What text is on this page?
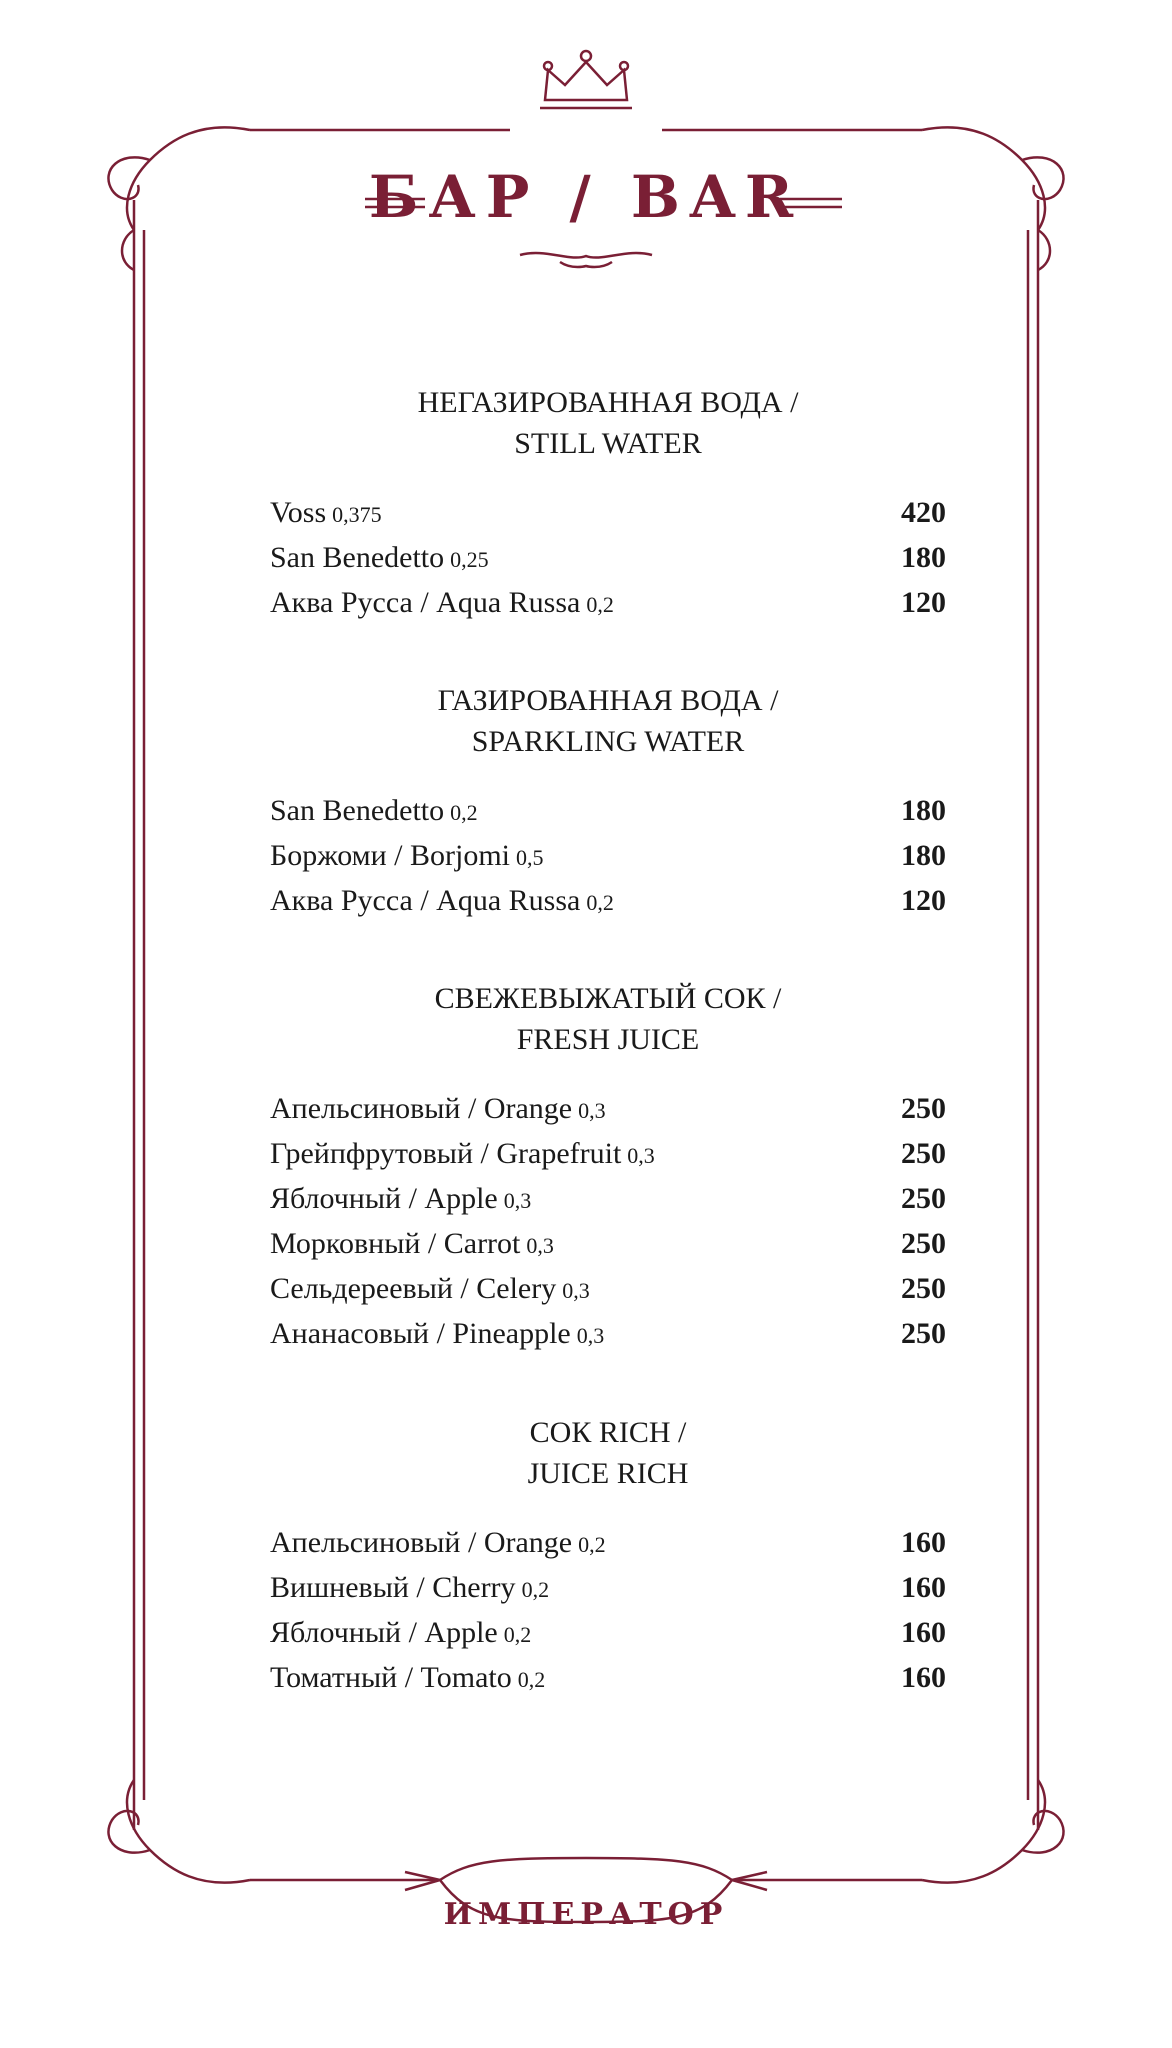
БАР / BAR
НЕГАЗИРОВАННАЯ ВОДА /
STILL WATER
Voss 0,375	420
San Benedetto 0,25	180
Аква Русса / Aqua Russa 0,2	120
ГАЗИРОВАННАЯ ВОДА /
SPARKLING WATER
San Benedetto 0,2	180
Боржоми / Borjomi 0,5	180
Аква Русса / Aqua Russa 0,2	120
СВЕЖЕВЫЖАТЫЙ СОК /
FRESH JUICE
Апельсиновый / Orange 0,3	250
Грейпфрутовый / Grapefruit 0,3	250
Яблочный / Apple 0,3	250
Морковный / Carrot 0,3	250
Сельдереевый / Celery 0,3	250
Ананасовый / Pineapple 0,3	250
СОК RICH /
JUICE RICH
Апельсиновый / Orange 0,2	160
Вишневый / Cherry 0,2	160
Яблочный / Apple 0,2	160
Томатный / Tomato 0,2	160
ИМПЕРАТОР
